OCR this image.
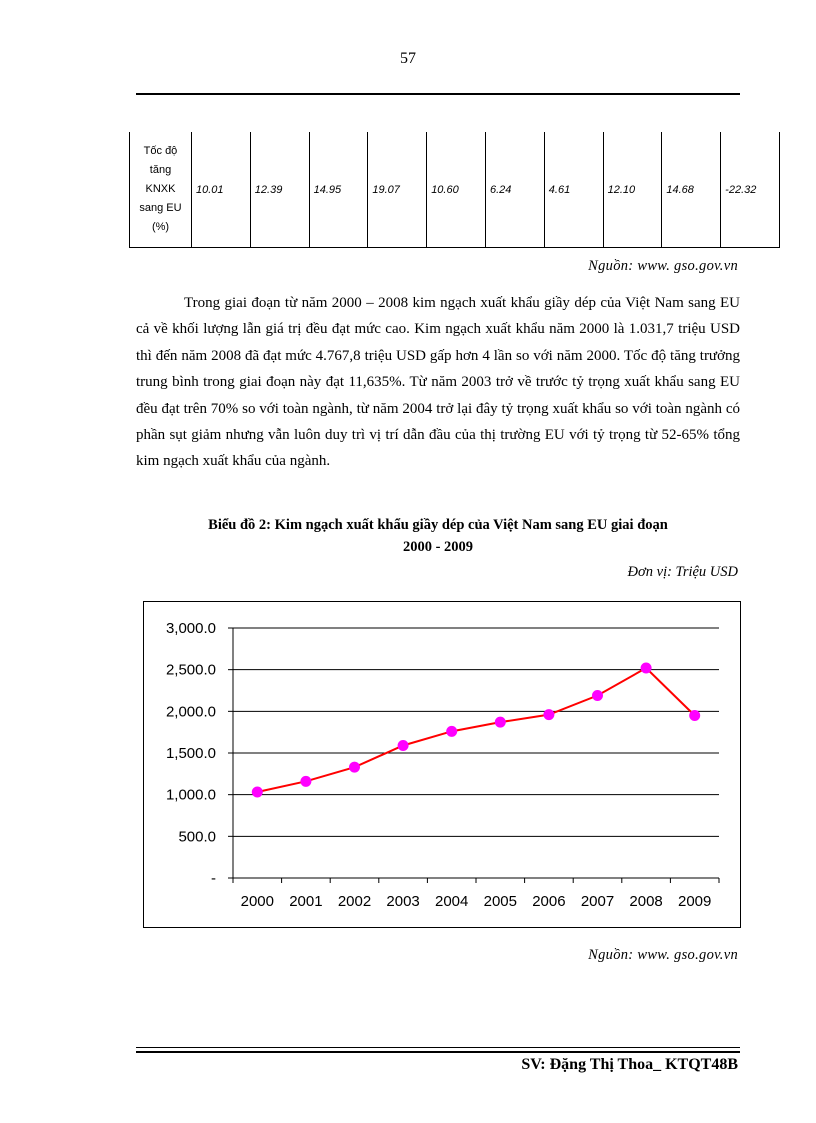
57
Tốc độ
tăng
KNXK
sang EU
(%)
	10.01	12.39	14.95	19.07	10.60	6.24	4.61	12.10	14.68	-22.32
Nguồn: www. gso.gov.vn

Trong giai đoạn từ năm 2000 – 2008 kim ngạch xuất khẩu giầy dép của Việt Nam sang EU cả về khối lượng lẫn giá trị đều đạt mức cao. Kim ngạch xuất khẩu năm 2000 là 1.031,7 triệu USD thì đến năm 2008 đã đạt mức 4.767,8 triệu USD gấp hơn 4 lần so với năm 2000. Tốc độ tăng trưởng trung bình trong giai đoạn này đạt 11,635%. Từ năm 2003 trở về trước tỷ trọng xuất khẩu sang EU đều đạt trên 70% so với toàn ngành, từ năm 2004 trở lại đây tỷ trọng xuất khẩu so với toàn ngành có phần sụt giảm nhưng vẫn luôn duy trì vị trí dẫn đầu của thị trường EU với tỷ trọng từ 52-65% tổng kim ngạch xuất khẩu của ngành.

Biểu đồ 2: Kim ngạch xuất khẩu giầy dép của Việt Nam sang EU giai đoạn
2000 - 2009
Đơn vị: Triệu USD
-
500.0
1,000.0
1,500.0
2,000.0
2,500.0
3,000.0
2000 2001 2002 2003 2004 2005 2006 2007 2008 2009
Nguồn: www. gso.gov.vn
SV: Đặng Thị Thoa_ KTQT48B
